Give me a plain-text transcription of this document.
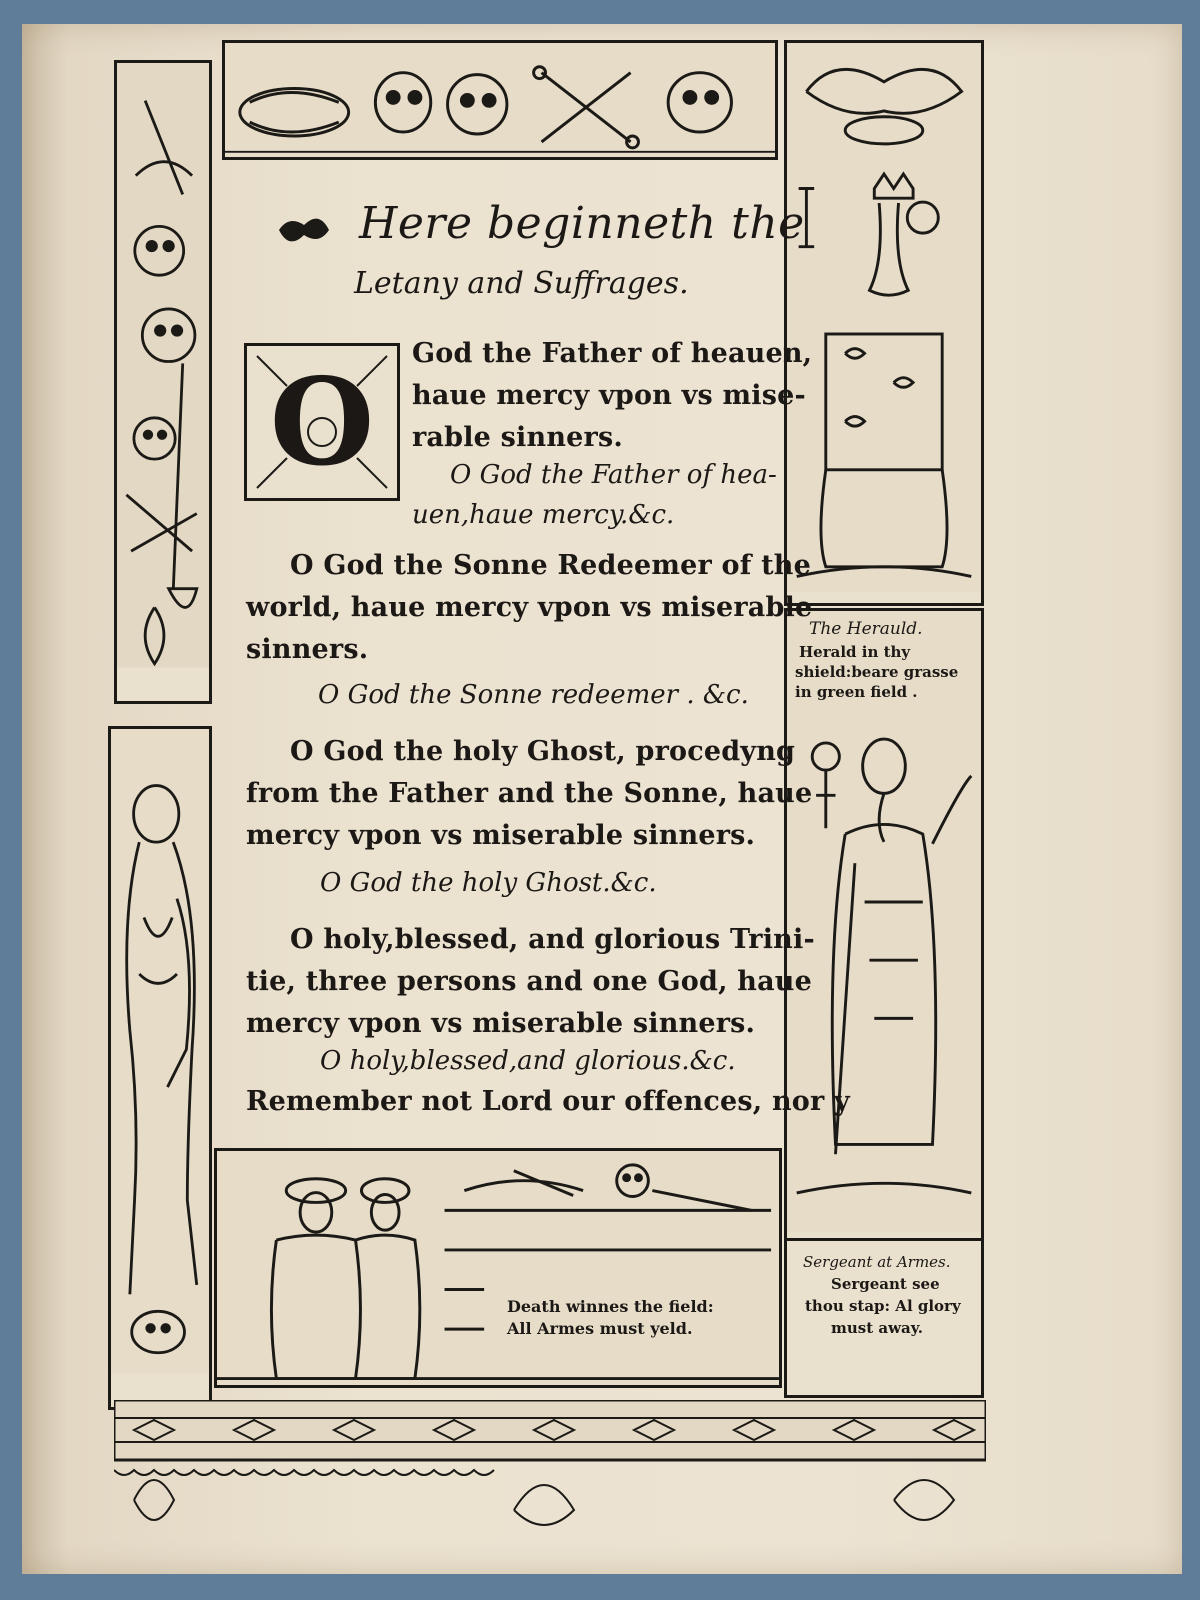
The Herauld.
Herald in thy
shield:beare grasse
in green field .
Sergeant at Armes.
Sergeant see
thou stap: Al glory
must away.
Death winnes the field:
All Armes must yeld.
Here beginneth the
Letany and Suffrages.
O	God the Father of heauen,
haue mercy vpon vs mise-
rable sinners.
O God the Father of hea-
uen,haue mercy.&c.
O God the Sonne Redeemer of the
world, haue mercy vpon vs miserable
sinners.
O God the Sonne redeemer . &c.
O God the holy Ghost, procedyng
from the Father and the Sonne, haue
mercy vpon vs miserable sinners.
O God the holy Ghost.&c.
O holy,blessed, and glorious Trini-
tie, three persons and one God, haue
mercy vpon vs miserable sinners.
O holy,blessed,and glorious.&c.
Remember not Lord our offences, nor y
